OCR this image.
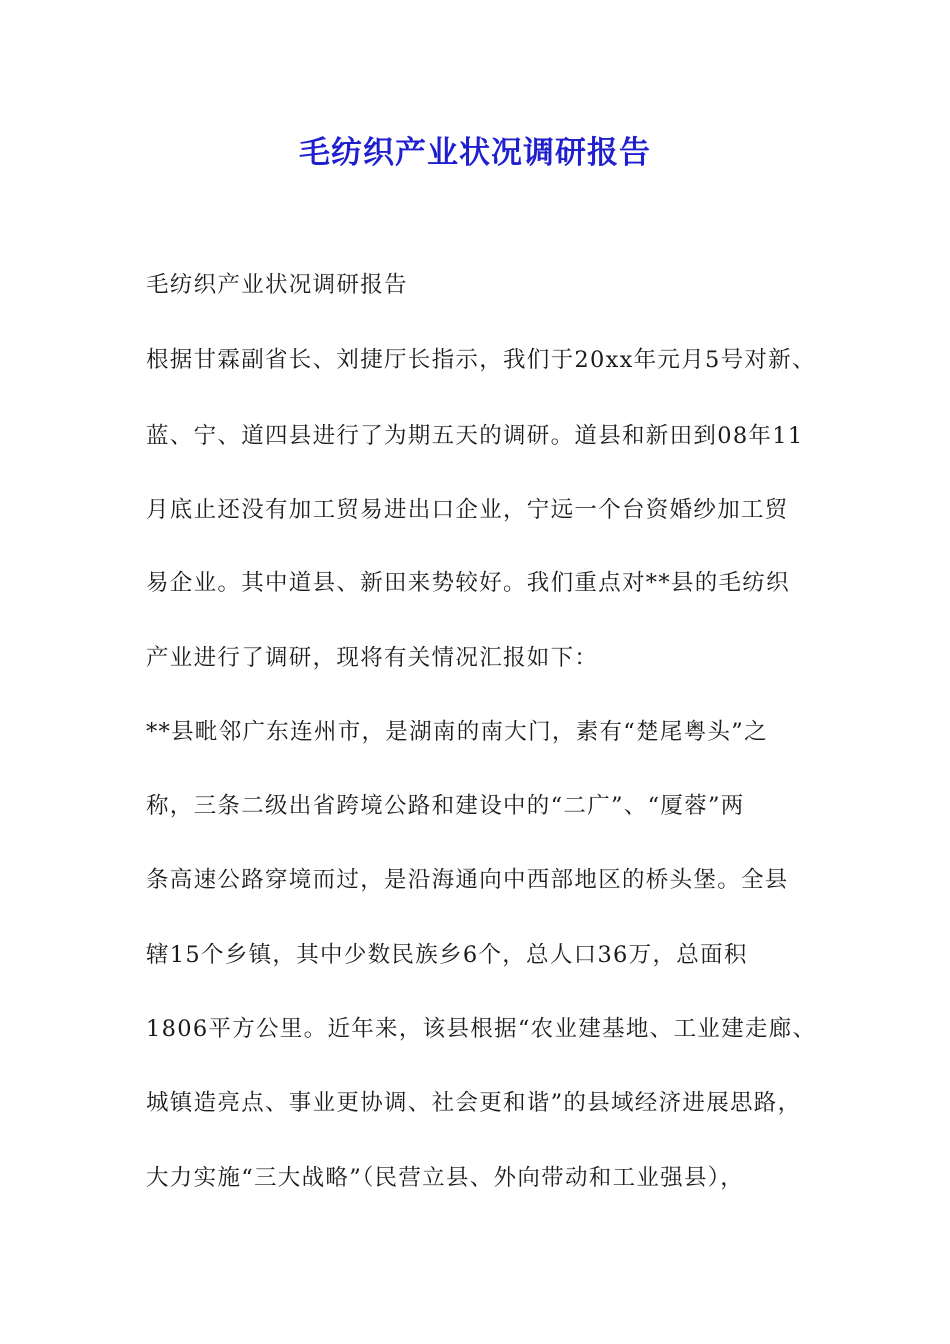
毛纺织产业状况调研报告

毛纺织产业状况调研报告

根据甘霖副省长、刘捷厅长指示，我们于20xx年元月5号对新、

蓝、宁、道四县进行了为期五天的调研。道县和新田到08年11

月底止还没有加工贸易进出口企业，宁远一个台资婚纱加工贸

易企业。其中道县、新田来势较好。我们重点对**县的毛纺织

产业进行了调研，现将有关情况汇报如下：

**县毗邻广东连州市，是湖南的南大门，素有“楚尾粤头”之

称，三条二级出省跨境公路和建设中的“二广”、“厦蓉”两

条高速公路穿境而过，是沿海通向中西部地区的桥头堡。全县

辖15个乡镇，其中少数民族乡6个，总人口36万，总面积

1806平方公里。近年来，该县根据“农业建基地、工业建走廊、

城镇造亮点、事业更协调、社会更和谐”的县域经济进展思路，

大力实施“三大战略”（民营立县、外向带动和工业强县），
